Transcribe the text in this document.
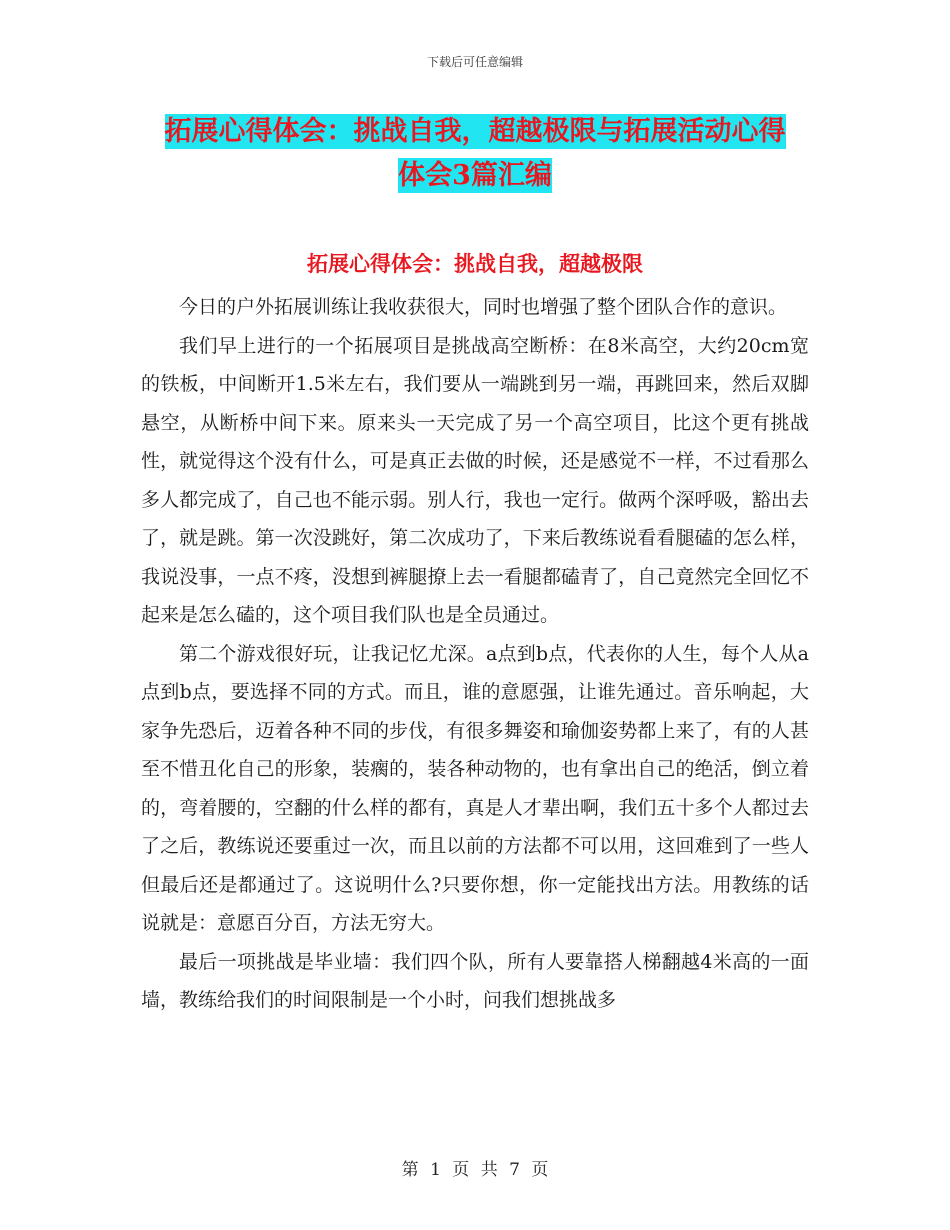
下载后可任意编辑
拓展心得体会：挑战自我，超越极限与拓展活动心得
体会3篇汇编
拓展心得体会：挑战自我，超越极限

今日的户外拓展训练让我收获很大，同时也增强了整个团队合作的意识。

我们早上进行的一个拓展项目是挑战高空断桥：在8米高空，大约20cm宽的铁板，中间断开1.5米左右，我们要从一端跳到另一端，再跳回来，然后双脚悬空，从断桥中间下来。原来头一天完成了另一个高空项目，比这个更有挑战性，就觉得这个没有什么，可是真正去做的时候，还是感觉不一样，不过看那么多人都完成了，自己也不能示弱。别人行，我也一定行。做两个深呼吸，豁出去了，就是跳。第一次没跳好，第二次成功了，下来后教练说看看腿磕的怎么样，我说没事，一点不疼，没想到裤腿撩上去一看腿都磕青了，自己竟然完全回忆不起来是怎么磕的，这个项目我们队也是全员通过。

第二个游戏很好玩，让我记忆尤深。a点到b点，代表你的人生，每个人从a点到b点，要选择不同的方式。而且，谁的意愿强，让谁先通过。音乐响起，大家争先恐后，迈着各种不同的步伐，有很多舞姿和瑜伽姿势都上来了，有的人甚至不惜丑化自己的形象，装瘸的，装各种动物的，也有拿出自己的绝活，倒立着的，弯着腰的，空翻的什么样的都有，真是人才辈出啊，我们五十多个人都过去了之后，教练说还要重过一次，而且以前的方法都不可以用，这回难到了一些人但最后还是都通过了。这说明什么?只要你想，你一定能找出方法。用教练的话说就是：意愿百分百，方法无穷大。

最后一项挑战是毕业墙：我们四个队，所有人要靠搭人梯翻越4米高的一面墙，教练给我们的时间限制是一个小时，问我们想挑战多

第 1 页 共 7 页
